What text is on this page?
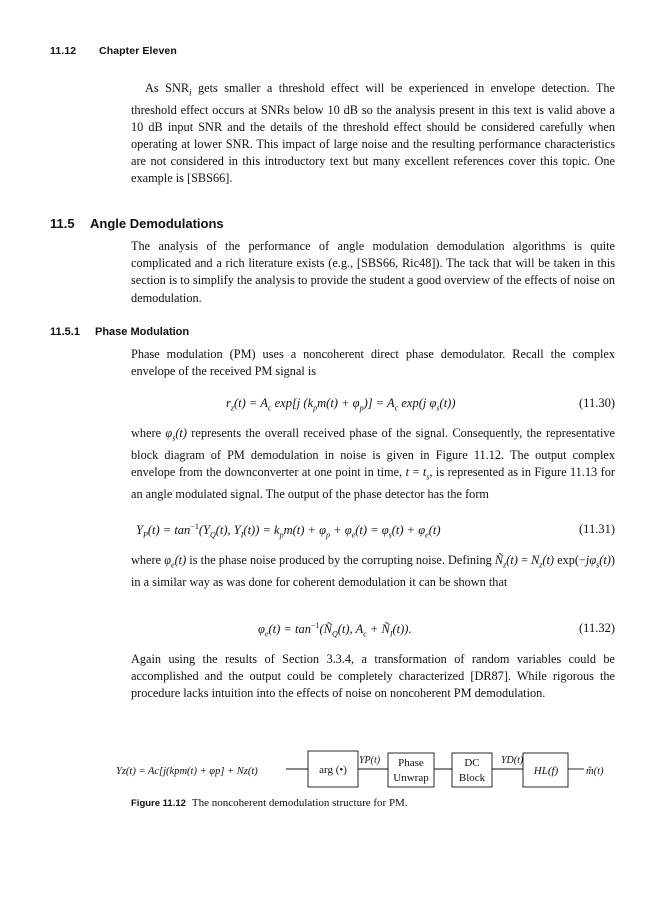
11.12 Chapter Eleven

As $SNR_i$ gets smaller a threshold effect will be experienced in envelope detection. The threshold effect occurs at SNRs below 10 dB so the analysis present in this text is valid above a 10 dB input SNR and the details of the threshold effect should be considered carefully when operating at lower SNR. This impact of large noise and the resulting performance characteristics are not considered in this introductory text but many excellent references cover this topic. One example is [SBS66].

11.5 Angle Demodulations

The analysis of the performance of angle modulation demodulation algorithms is quite complicated and a rich literature exists (e.g., [SBS66, Ric48]). The tack that will be taken in this section is to simplify the analysis to provide the student a good overview of the effects of noise on demodulation.

11.5.1 Phase Modulation

Phase modulation (PM) uses a noncoherent direct phase demodulator. Recall the complex envelope of the received PM signal is

$r_z(t) = A_c$ exp[j $(k_pm(t) + \varphi_p)] = A_c$ exp(j $\varphi_s(t)$)	(11.30)

where $\varphi_s(t)$ represents the overall received phase of the signal. Consequently, the representative block diagram of PM demodulation in noise is given in Figure 11.12. The output complex envelope from the downconverter at one point in time, $t = t_s$, is represented as in Figure 11.13 for an angle modulated signal. The output of the phase detector has the form

$Y_P(t) = \tan^{-1}(Y_Q(t)$, $Y_I(t)) = k_pm(t) + \varphi_p + \varphi_e(t) = \varphi_s(t) + \varphi_e(t)$	(11.31)

where $\varphi_e(t)$ is the phase noise produced by the corrupting noise. Defining $Ñ_z(t) = N_z(t)$ $\exp(-j\varphi_s(t))$ in a similar way as was done for coherent demodulation it can be shown that

$\varphi_e(t)$ = $\tan^{-1}(Ñ_Q(t)$, $A_c$ + $Ñ_I(t)$).	(11.32)

Again using the results of Section 3.3.4, a transformation of random variables could be accomplished and the output could be completely characterized [DR87]. While rigorous the procedure lacks intuition into the effects of noise on noncoherent PM demodulation.

Yz(t) = Ac[j(kpm(t) + φp] + Nz(t)
YP(t)	YD(t)
m̂(t)
arg (•)
Phase
Unwrap
DC
Block
HL(f)
Figure 11.12 The noncoherent demodulation structure for PM.
